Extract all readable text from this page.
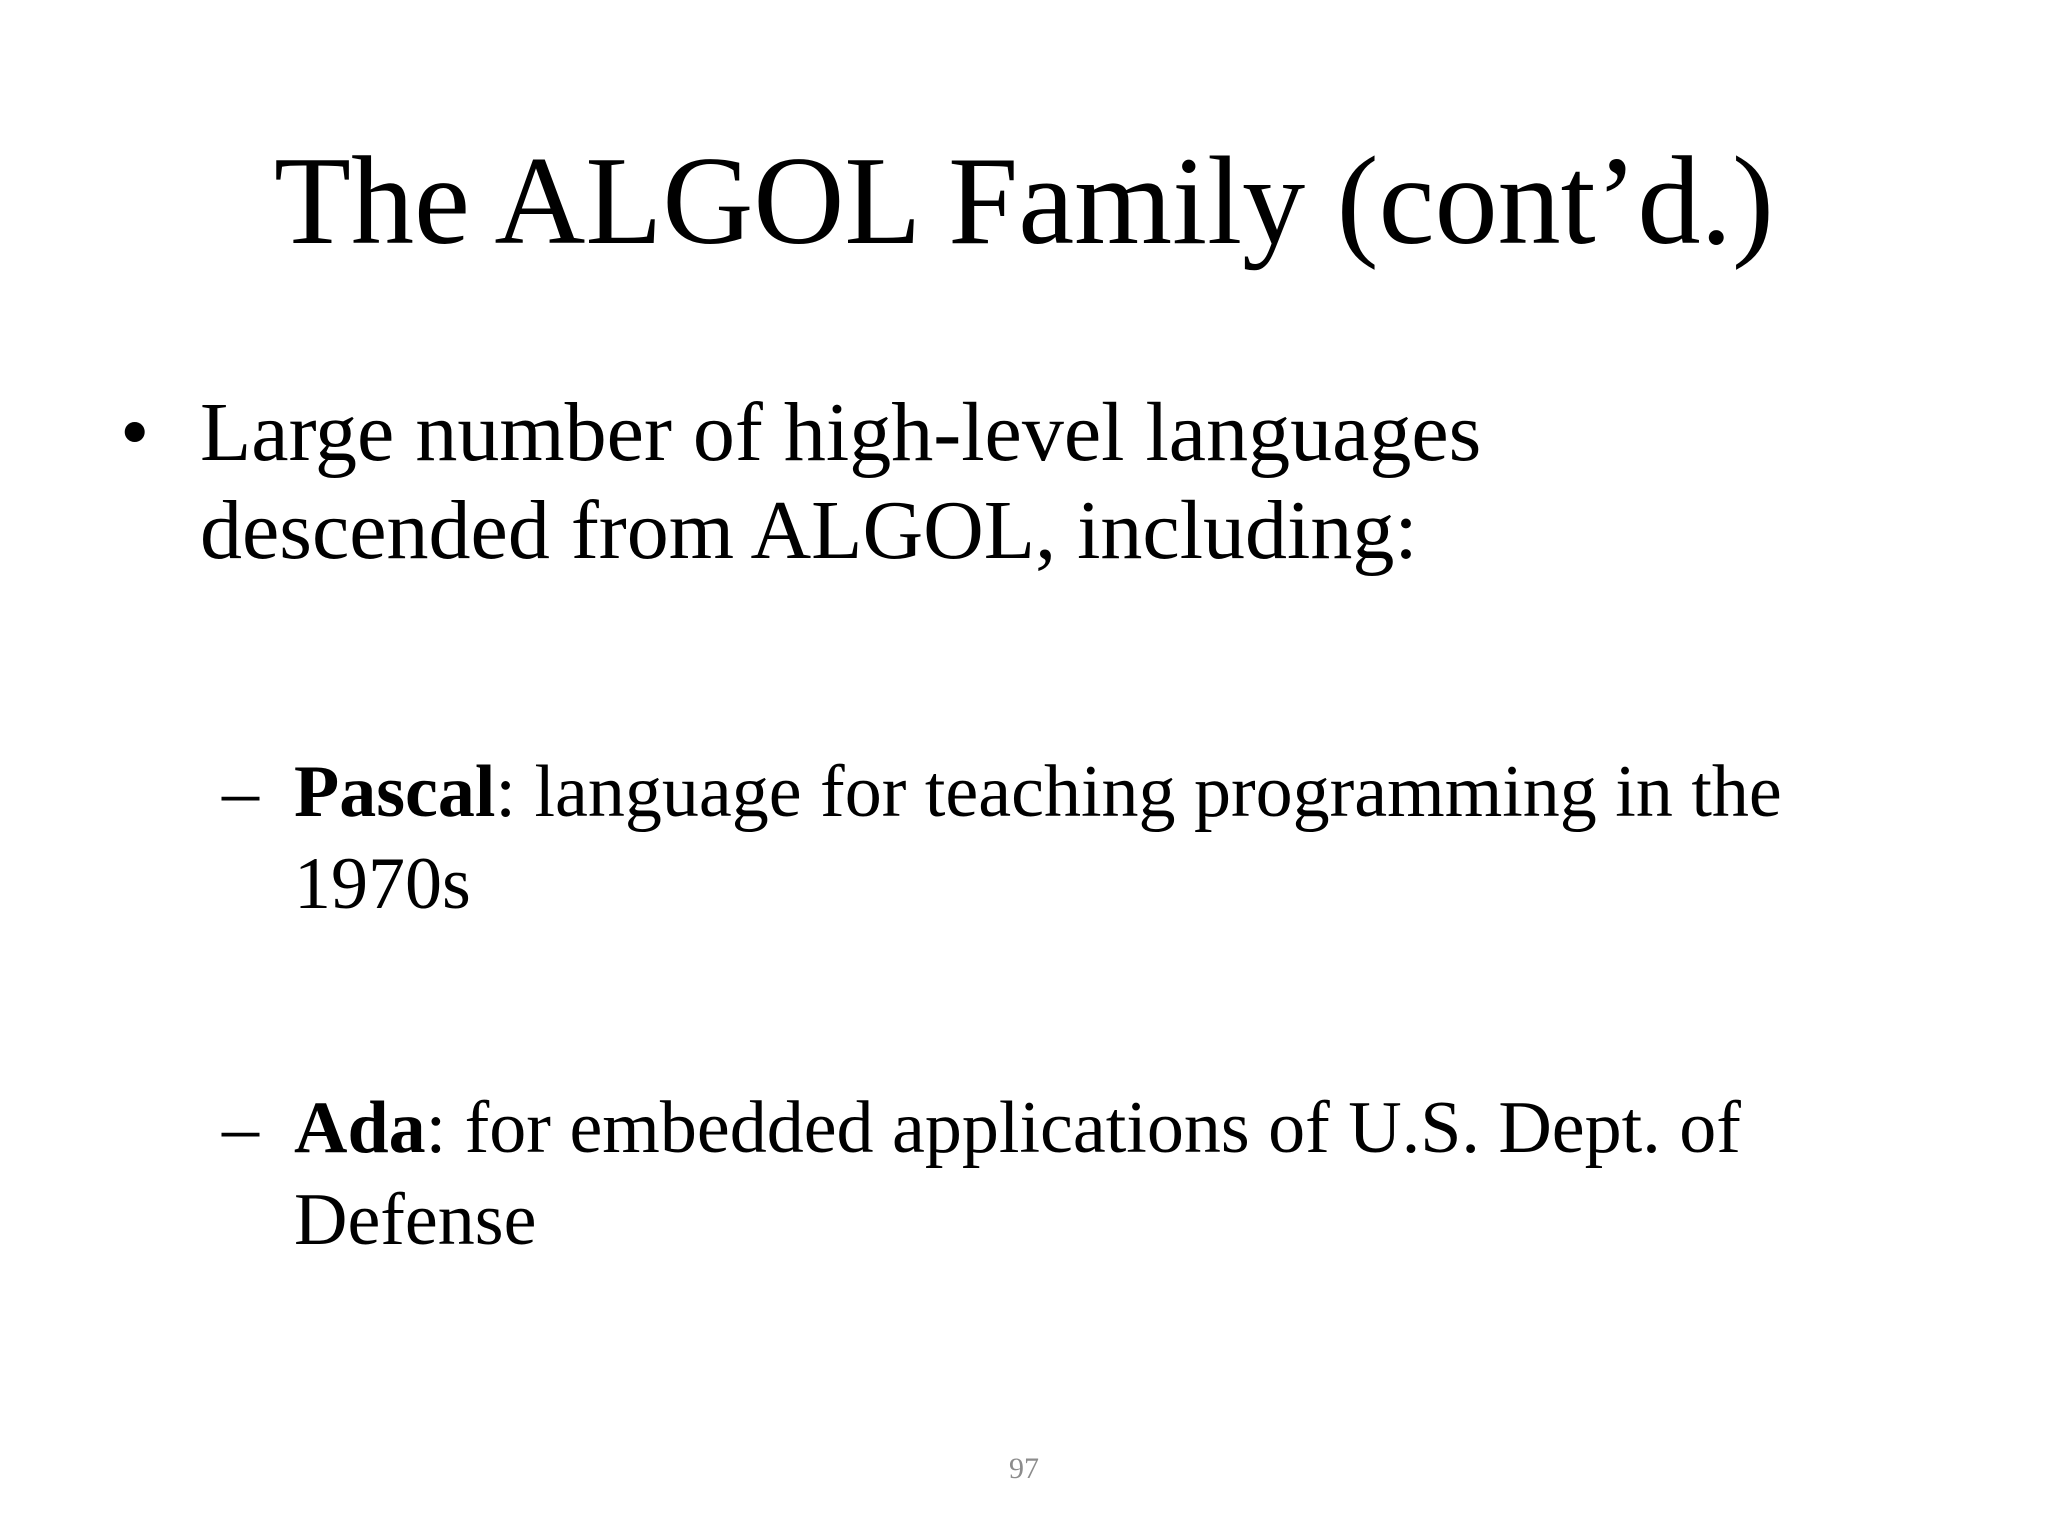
The ALGOL Family (cont’d.)
• Large number of high-level languages
descended from ALGOL, including:
– Pascal: language for teaching programming in the
1970s
– Ada: for embedded applications of U.S. Dept. of
Defense
97
